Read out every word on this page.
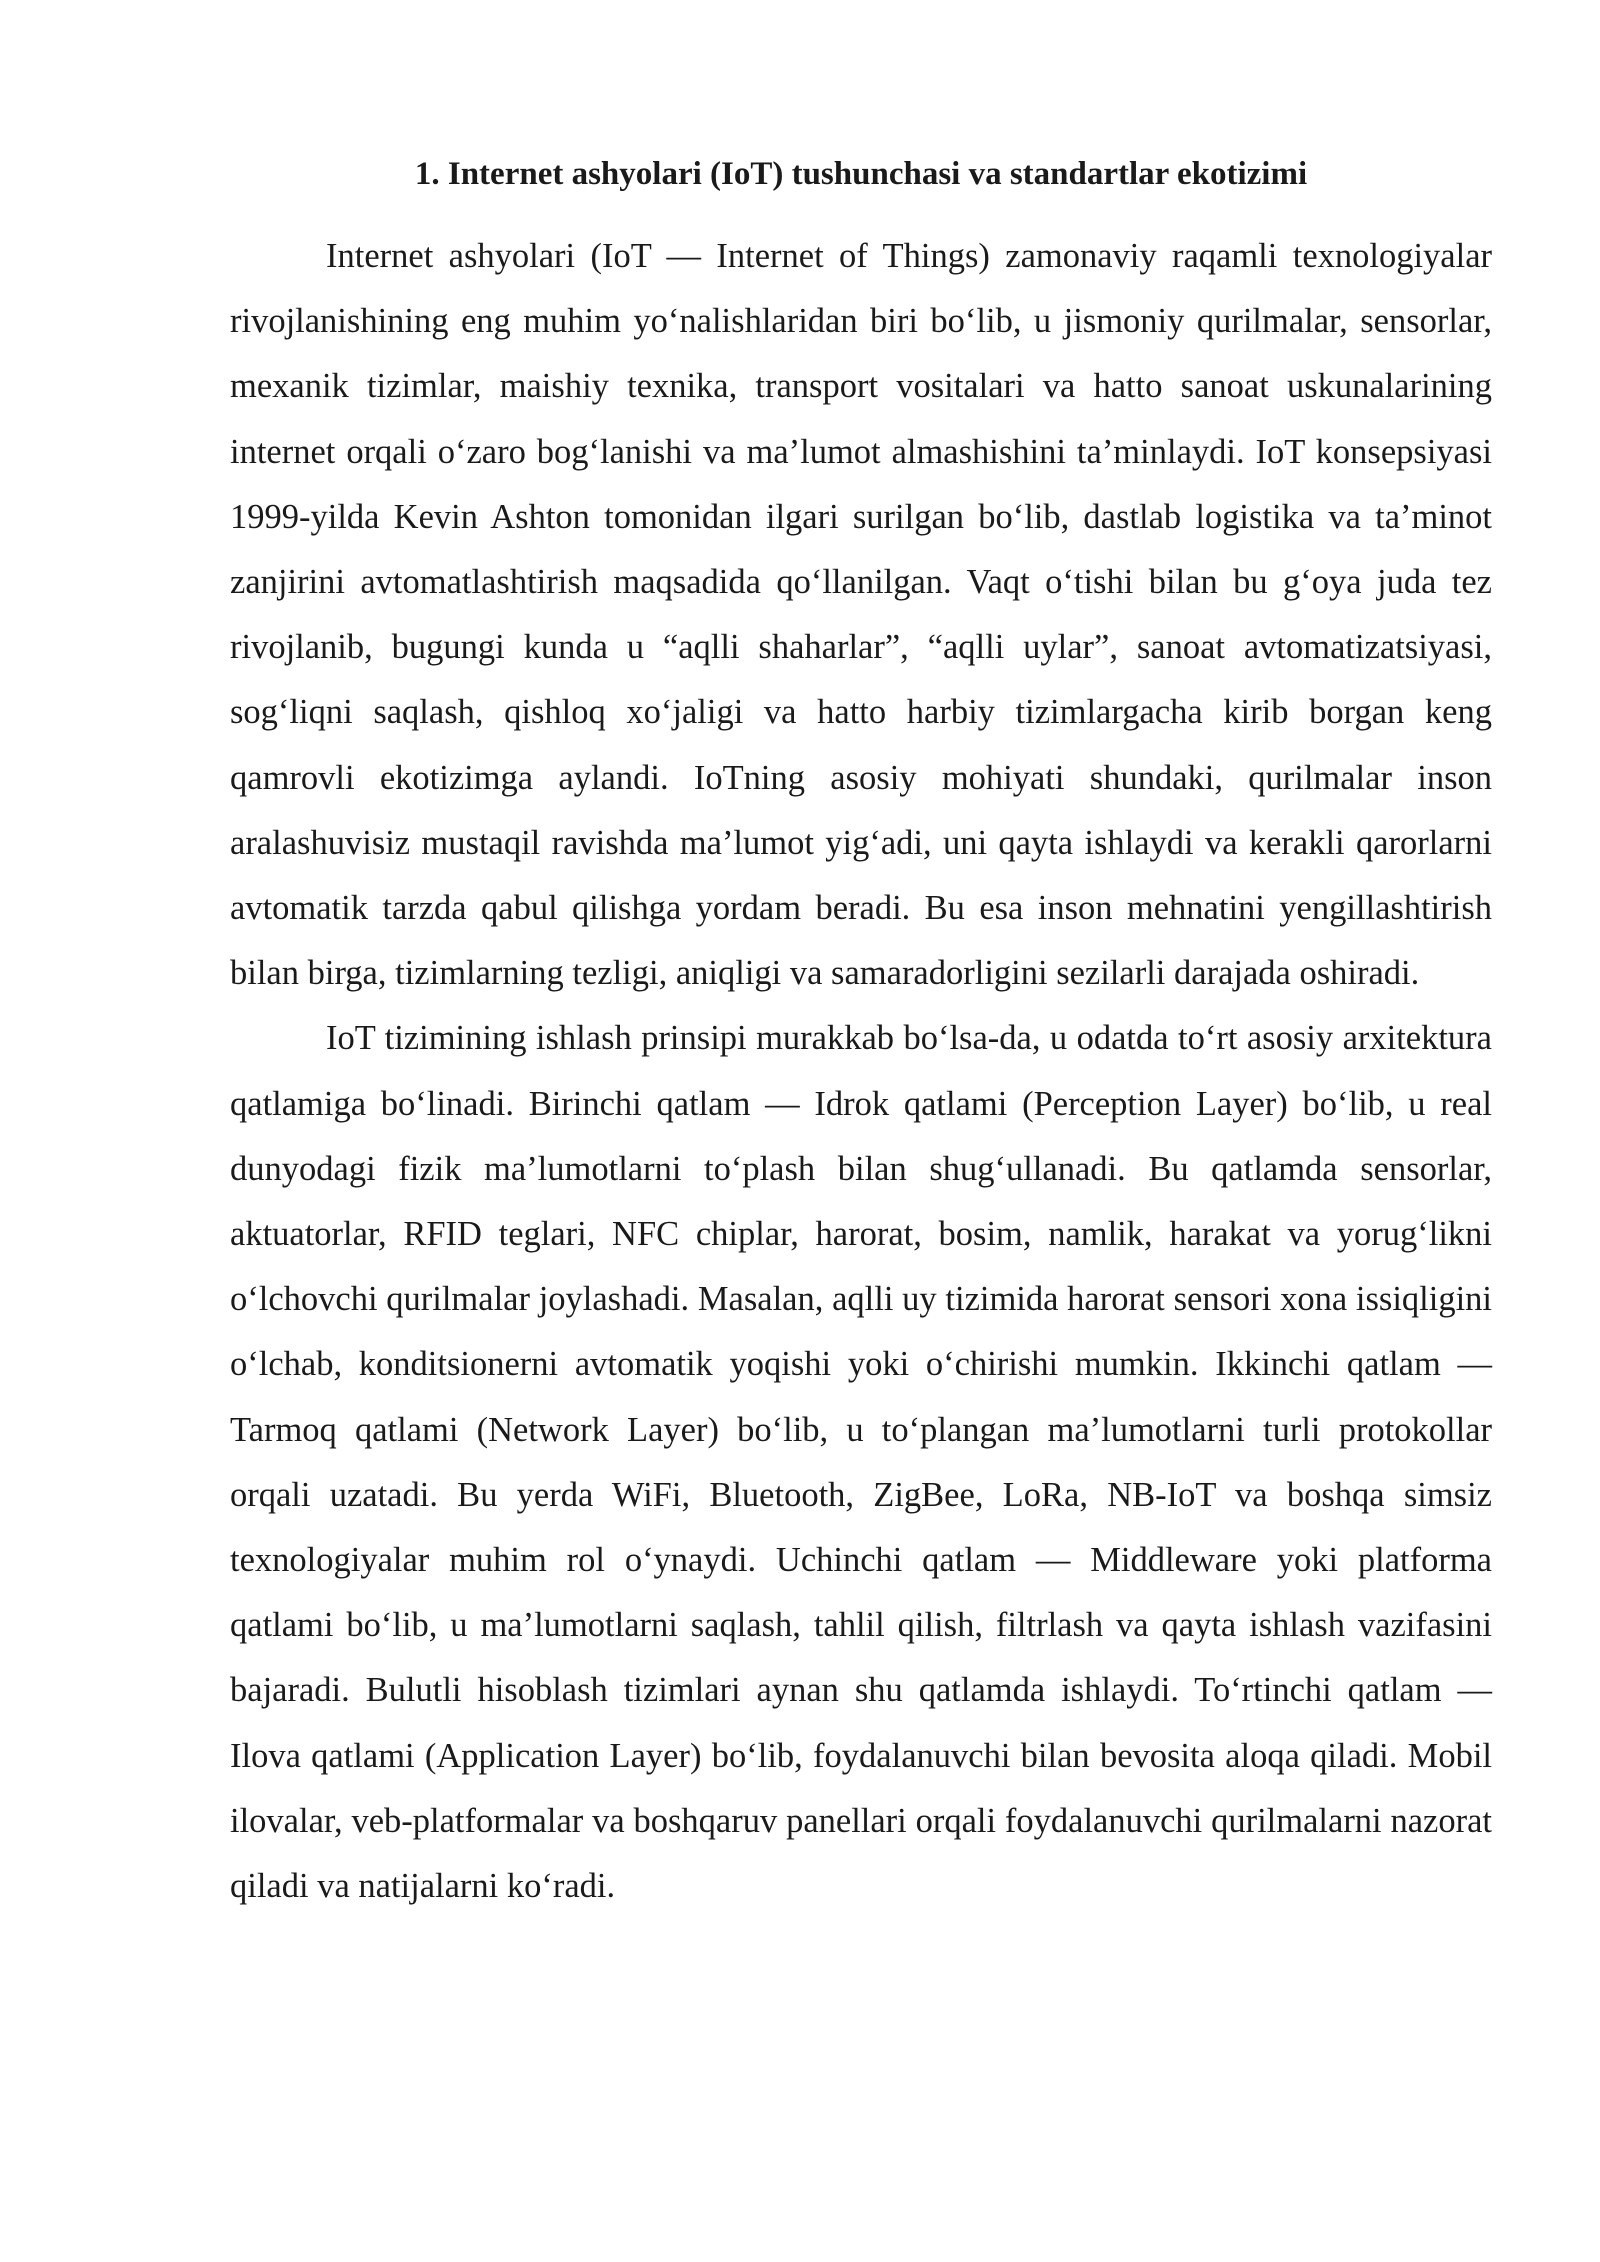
1. Internet ashyolari (IoT) tushunchasi va standartlar ekotizimi

Internet ashyolari (IoT — Internet of Things) zamonaviy raqamli texnologiyalar rivojlanishining eng muhim yo‘nalishlaridan biri bo‘lib, u jismoniy qurilmalar, sensorlar, mexanik tizimlar, maishiy texnika, transport vositalari va hatto sanoat uskunalarining internet orqali o‘zaro bog‘lanishi va ma’lumot almashishini ta’minlaydi. IoT konsepsiyasi 1999-yilda Kevin Ashton tomonidan ilgari surilgan bo‘lib, dastlab logistika va ta’minot zanjirini avtomatlashtirish maqsadida qo‘llanilgan. Vaqt o‘tishi bilan bu g‘oya juda tez rivojlanib, bugungi kunda u “aqlli shaharlar”, “aqlli uylar”, sanoat avtomatizatsiyasi, sog‘liqni saqlash, qishloq xo‘jaligi va hatto harbiy tizimlargacha kirib borgan keng qamrovli ekotizimga aylandi. IoTning asosiy mohiyati shundaki, qurilmalar inson aralashuvisiz mustaqil ravishda ma’lumot yig‘adi, uni qayta ishlaydi va kerakli qarorlarni avtomatik tarzda qabul qilishga yordam beradi. Bu esa inson mehnatini yengillashtirish bilan birga, tizimlarning tezligi, aniqligi va samaradorligini sezilarli darajada oshiradi.

IoT tizimining ishlash prinsipi murakkab bo‘lsa-da, u odatda to‘rt asosiy arxitektura qatlamiga bo‘linadi. Birinchi qatlam — Idrok qatlami (Perception Layer) bo‘lib, u real dunyodagi fizik ma’lumotlarni to‘plash bilan shug‘ullanadi. Bu qatlamda sensorlar, aktuatorlar, RFID teglari, NFC chiplar, harorat, bosim, namlik, harakat va yorug‘likni o‘lchovchi qurilmalar joylashadi. Masalan, aqlli uy tizimida harorat sensori xona issiqligini o‘lchab, konditsionerni avtomatik yoqishi yoki o‘chirishi mumkin. Ikkinchi qatlam — Tarmoq qatlami (Network Layer) bo‘lib, u to‘plangan ma’lumotlarni turli protokollar orqali uzatadi. Bu yerda WiFi, Bluetooth, ZigBee, LoRa, NB-IoT va boshqa simsiz texnologiyalar muhim rol o‘ynaydi. Uchinchi qatlam — Middleware yoki platforma qatlami bo‘lib, u ma’lumotlarni saqlash, tahlil qilish, filtrlash va qayta ishlash vazifasini bajaradi. Bulutli hisoblash tizimlari aynan shu qatlamda ishlaydi. To‘rtinchi qatlam — Ilova qatlami (Application Layer) bo‘lib, foydalanuvchi bilan bevosita aloqa qiladi. Mobil ilovalar, veb-platformalar va boshqaruv panellari orqali foydalanuvchi qurilmalarni nazorat qiladi va natijalarni ko‘radi.
